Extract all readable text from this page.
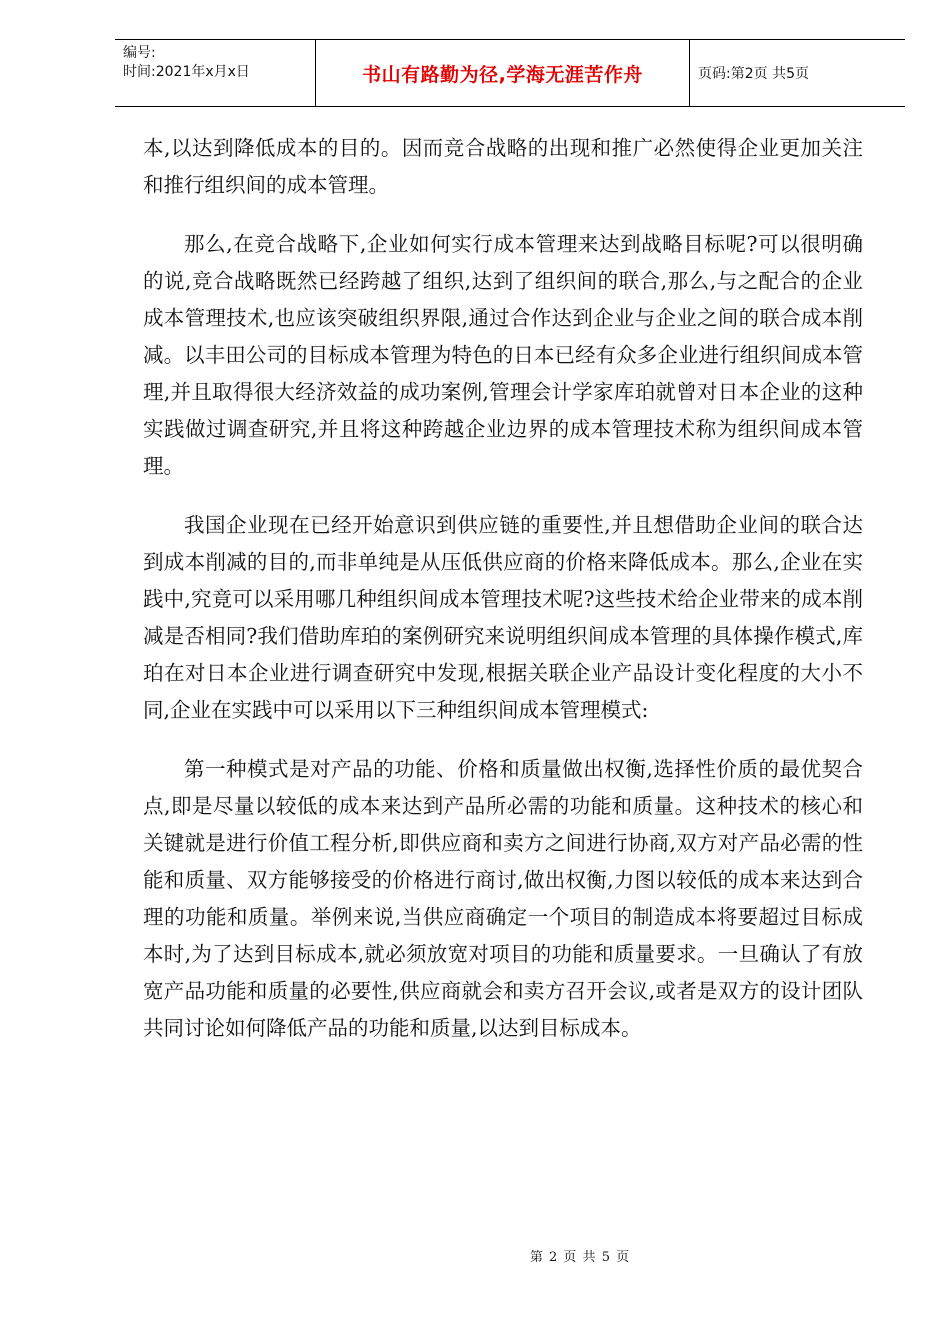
编号:
时间:2021年x月x日	书山有路勤为径,学海无涯苦作舟	页码:第2页 共5页

本,以达到降低成本的目的。因而竞合战略的出现和推广必然使得企业更加关注和推行组织间的成本管理。

那么,在竞合战略下,企业如何实行成本管理来达到战略目标呢?可以很明确的说,竞合战略既然已经跨越了组织,达到了组织间的联合,那么,与之配合的企业成本管理技术,也应该突破组织界限,通过合作达到企业与企业之间的联合成本削减。以丰田公司的目标成本管理为特色的日本已经有众多企业进行组织间成本管理,并且取得很大经济效益的成功案例,管理会计学家库珀就曾对日本企业的这种实践做过调查研究,并且将这种跨越企业边界的成本管理技术称为组织间成本管理。

我国企业现在已经开始意识到供应链的重要性,并且想借助企业间的联合达到成本削减的目的,而非单纯是从压低供应商的价格来降低成本。那么,企业在实践中,究竟可以采用哪几种组织间成本管理技术呢?这些技术给企业带来的成本削减是否相同?我们借助库珀的案例研究来说明组织间成本管理的具体操作模式,库珀在对日本企业进行调查研究中发现,根据关联企业产品设计变化程度的大小不同,企业在实践中可以采用以下三种组织间成本管理模式:

第一种模式是对产品的功能、价格和质量做出权衡,选择性价质的最优契合点,即是尽量以较低的成本来达到产品所必需的功能和质量。这种技术的核心和关键就是进行价值工程分析,即供应商和卖方之间进行协商,双方对产品必需的性能和质量、双方能够接受的价格进行商讨,做出权衡,力图以较低的成本来达到合理的功能和质量。举例来说,当供应商确定一个项目的制造成本将要超过目标成本时,为了达到目标成本,就必须放宽对项目的功能和质量要求。一旦确认了有放宽产品功能和质量的必要性,供应商就会和卖方召开会议,或者是双方的设计团队共同讨论如何降低产品的功能和质量,以达到目标成本。

第 2 页 共 5 页
